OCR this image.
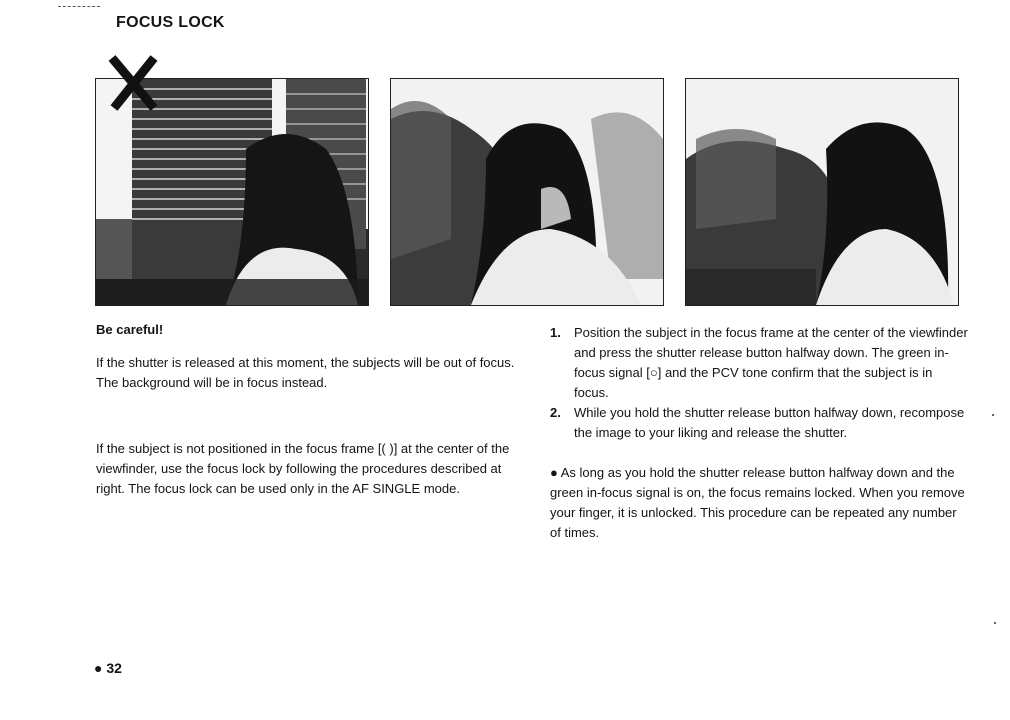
FOCUS LOCK
Be careful!

If the shutter is released at this moment, the subjects will be out of focus. The background will be in focus instead.

If the subject is not positioned in the focus frame [( )] at the center of the viewfinder, use the focus lock by following the procedures described at right. The focus lock can be used only in the AF SINGLE mode.

1. Position the subject in the focus frame at the center of the viewfinder and press the shutter release button halfway down. The green in-focus signal [○] and the PCV tone confirm that the subject is in focus.
2. While you hold the shutter release button halfway down, recompose the image to your liking and release the shutter.

● As long as you hold the shutter release button halfway down and the green in-focus signal is on, the focus remains locked. When you remove your finger, it is unlocked. This procedure can be repeated any number of times.

● 32
